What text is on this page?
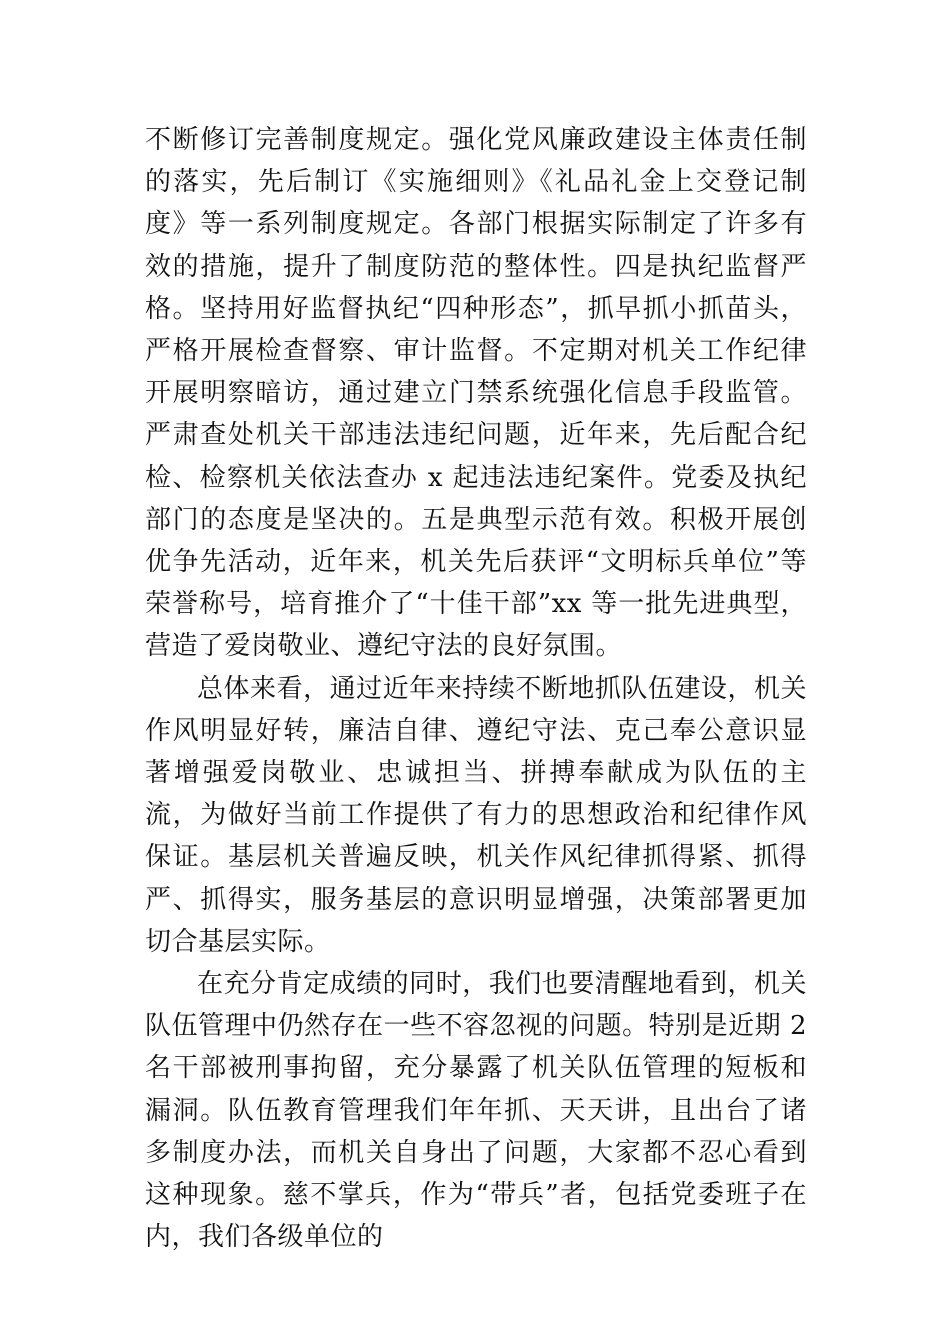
不断修订完善制度规定。强化党风廉政建设主体责任制的落实，先后制订《实施细则》《礼品礼金上交登记制度》等一系列制度规定。各部门根据实际制定了许多有效的措施，提升了制度防范的整体性。四是执纪监督严格。坚持用好监督执纪“四种形态”，抓早抓小抓苗头，严格开展检查督察、审计监督。不定期对机关工作纪律开展明察暗访，通过建立门禁系统强化信息手段监管。严肃查处机关干部违法违纪问题，近年来，先后配合纪检、检察机关依法查办 x 起违法违纪案件。党委及执纪部门的态度是坚决的。五是典型示范有效。积极开展创优争先活动，近年来，机关先后获评“文明标兵单位”等荣誉称号，培育推介了“十佳干部”xx 等一批先进典型，营造了爱岗敬业、遵纪守法的良好氛围。

总体来看，通过近年来持续不断地抓队伍建设，机关作风明显好转，廉洁自律、遵纪守法、克己奉公意识显著增强爱岗敬业、忠诚担当、拼搏奉献成为队伍的主流，为做好当前工作提供了有力的思想政治和纪律作风保证。基层机关普遍反映，机关作风纪律抓得紧、抓得严、抓得实，服务基层的意识明显增强，决策部署更加切合基层实际。

在充分肯定成绩的同时，我们也要清醒地看到，机关队伍管理中仍然存在一些不容忽视的问题。特别是近期 2 名干部被刑事拘留，充分暴露了机关队伍管理的短板和漏洞。队伍教育管理我们年年抓、天天讲，且出台了诸多制度办法，而机关自身出了问题，大家都不忍心看到这种现象。慈不掌兵，作为“带兵”者，包括党委班子在内，我们各级单位的
